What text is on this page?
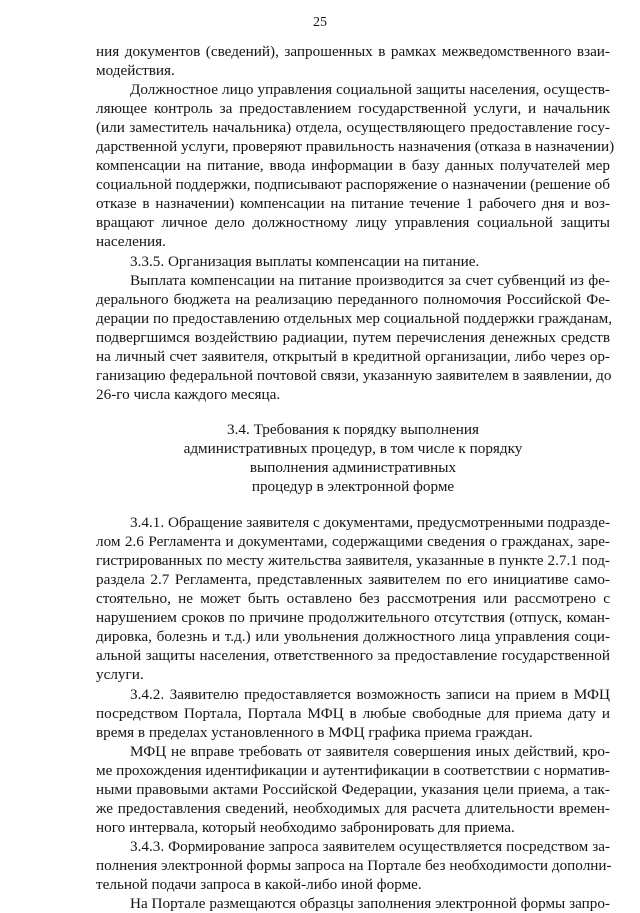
25
ния документов (сведений), запрошенных в рамках межведомственного взаи-
модействия.
Должностное лицо управления социальной защиты населения, осуществ-
ляющее контроль за предоставлением государственной услуги, и начальник
(или заместитель начальника) отдела, осуществляющего предоставление госу-
дарственной услуги, проверяют правильность назначения (отказа в назначении)
компенсации на питание, ввода информации в базу данных получателей мер
социальной поддержки, подписывают распоряжение о назначении (решение об
отказе в назначении) компенсации на питание течение 1 рабочего дня и воз-
вращают личное дело должностному лицу управления социальной защиты
населения.
3.3.5. Организация выплаты компенсации на питание.
Выплата компенсации на питание производится за счет субвенций из фе-
дерального бюджета на реализацию переданного полномочия Российской Фе-
дерации по предоставлению отдельных мер социальной поддержки гражданам,
подвергшимся воздействию радиации, путем перечисления денежных средств
на личный счет заявителя, открытый в кредитной организации, либо через ор-
ганизацию федеральной почтовой связи, указанную заявителем в заявлении, до
26-го числа каждого месяца.
3.4. Требования к порядку выполнения
административных процедур, в том числе к порядку
выполнения административных
процедур в электронной форме
3.4.1. Обращение заявителя с документами, предусмотренными подразде-
лом 2.6 Регламента и документами, содержащими сведения о гражданах, заре-
гистрированных по месту жительства заявителя, указанные в пункте 2.7.1 под-
раздела 2.7 Регламента, представленных заявителем по его инициативе само-
стоятельно, не может быть оставлено без рассмотрения или рассмотрено с
нарушением сроков по причине продолжительного отсутствия (отпуск, коман-
дировка, болезнь и т.д.) или увольнения должностного лица управления соци-
альной защиты населения, ответственного за предоставление государственной
услуги.
3.4.2. Заявителю предоставляется возможность записи на прием в МФЦ
посредством Портала, Портала МФЦ в любые свободные для приема дату и
время в пределах установленного в МФЦ графика приема граждан.
МФЦ не вправе требовать от заявителя совершения иных действий, кро-
ме прохождения идентификации и аутентификации в соответствии с норматив-
ными правовыми актами Российской Федерации, указания цели приема, а так-
же предоставления сведений, необходимых для расчета длительности времен-
ного интервала, который необходимо забронировать для приема.
3.4.3. Формирование запроса заявителем осуществляется посредством за-
полнения электронной формы запроса на Портале без необходимости дополни-
тельной подачи запроса в какой-либо иной форме.
На Портале размещаются образцы заполнения электронной формы запро-
